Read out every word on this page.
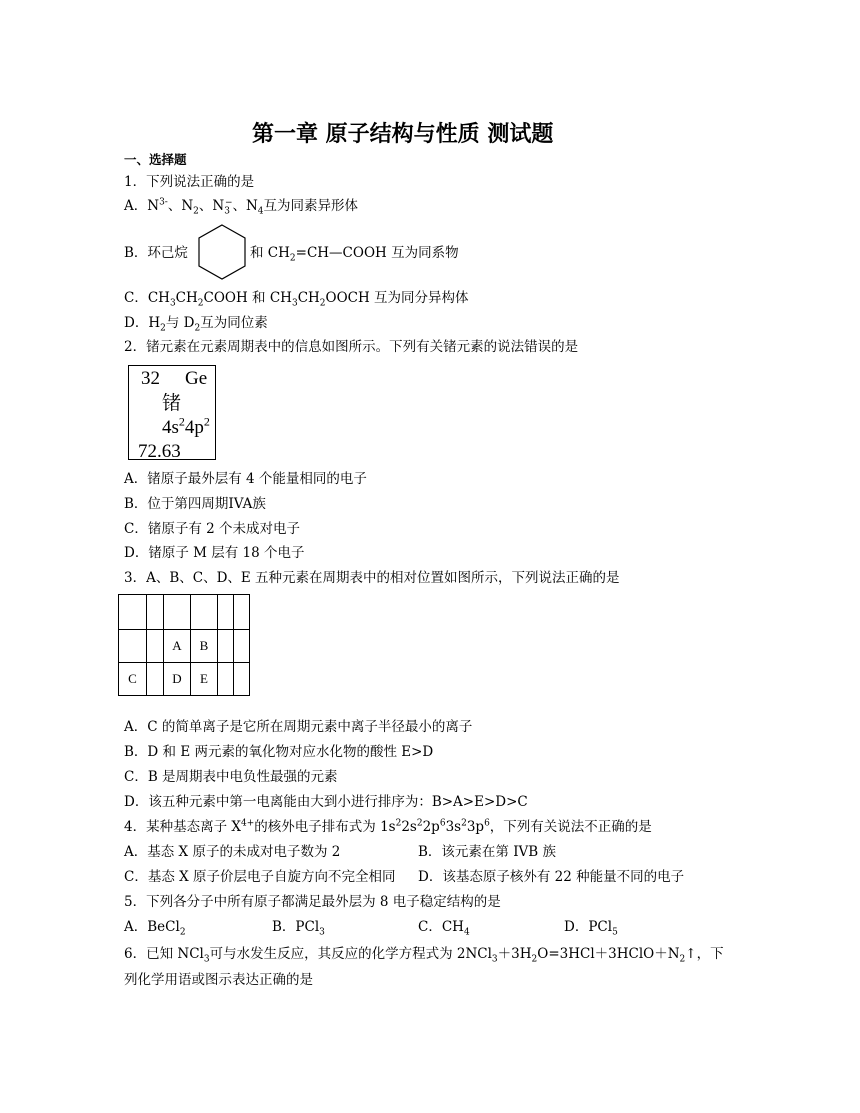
第一章 原子结构与性质 测试题
一、选择题
1．下列说法正确的是
A．$N^{3-}$、$N_2$、$N_3^-$、$N_4$互为同素异形体
B．环己烷	和 $CH_2=CH—COOH$ 互为同系物
C．$CH_3CH_2COOH$ 和 $CH_3CH_2OOCH$ 互为同分异构体
D．$H_2$与 $D_2$互为同位素
2．锗元素在元素周期表中的信息如图所示。下列有关锗元素的说法错误的是
32 Ge
锗
$4s^24p^2$
72.63
A．锗原子最外层有 4 个能量相同的电子
B．位于第四周期IVA族
C．锗原子有 2 个未成对电子
D．锗原子 M 层有 18 个电子
3．A、B、C、D、E 五种元素在周期表中的相对位置如图所示，下列说法正确的是

		A	B		
C		D	E		
A．C 的简单离子是它所在周期元素中离子半径最小的离子
B．D 和 E 两元素的氧化物对应水化物的酸性 E>D
C．B 是周期表中电负性最强的元素
D．该五种元素中第一电离能由大到小进行排序为：B>A>E>D>C
4．某种基态离子 $X^{4+}$的核外电子排布式为 $1s^22s^22p^63s^23p^6$，下列有关说法不正确的是
A．基态 X 原子的未成对电子数为 2	B．该元素在第 IVB 族
C．基态 X 原子价层电子自旋方向不完全相同 D．该基态原子核外有 22 种能量不同的电子
5．下列各分子中所有原子都满足最外层为 8 电子稳定结构的是
A．BeCl$_2$	B．PCl$_3$	C．$CH_4$	D．PCl$_5$
6．已知 NCl$_3$可与水发生反应，其反应的化学方程式为 $2NCl_3+3H_2O=3HCl+3HClO+N_2↑$，下
列化学用语或图示表达正确的是
